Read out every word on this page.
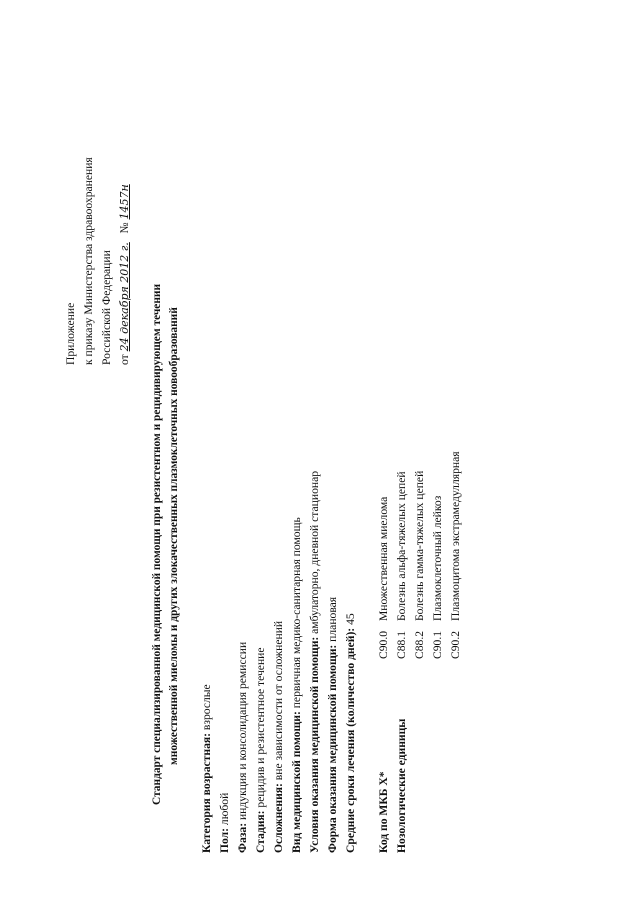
Приложение к приказу Министерства здравоохранения Российской Федерации от 24 декабря 2012 г.   № 1457н
Стандарт специализированной медицинской помощи при резистентном и рецидивирующем течении множественной миеломы и других злокачественных плазмоклеточных новообразований
Категория возрастная: взрослые
Пол: любой
Фаза: индукция и консолидация ремиссии
Стадия: рецидив и резистентное течение
Осложнения: вне зависимости от осложнений Вид медицинской помощи: первичная медико-санитарная помощь
Условия оказания медицинской помощи: амбулаторно, дневной стационар
Форма оказания медицинской помощи: плановая
Средние сроки лечения (количество дней): 45
Код по МКБ X* Нозологические единицы
C90.0
Множественная миелома
C88.1
Болезнь альфа-тяжелых цепей
C88.2
Болезнь гамма-тяжелых цепей
C90.1
Плазмоклеточный лейкоз
C90.2
Плазмоцитома экстрамедуллярная
